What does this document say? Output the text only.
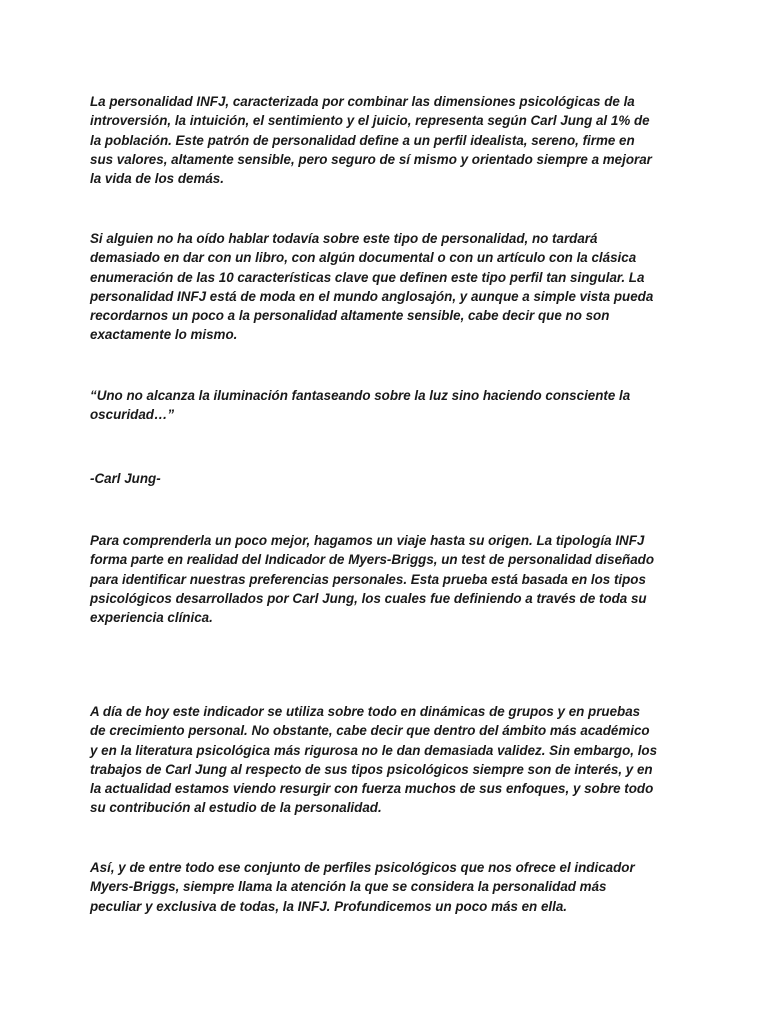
La personalidad INFJ, caracterizada por combinar las dimensiones psicológicas de la
introversión, la intuición, el sentimiento y el juicio, representa según Carl Jung al 1% de
la población. Este patrón de personalidad define a un perfil idealista, sereno, firme en
sus valores, altamente sensible, pero seguro de sí mismo y orientado siempre a mejorar
la vida de los demás.

Si alguien no ha oído hablar todavía sobre este tipo de personalidad, no tardará
demasiado en dar con un libro, con algún documental o con un artículo con la clásica
enumeración de las 10 características clave que definen este tipo perfil tan singular. La
personalidad INFJ está de moda en el mundo anglosajón, y aunque a simple vista pueda
recordarnos un poco a la personalidad altamente sensible, cabe decir que no son
exactamente lo mismo.

“Uno no alcanza la iluminación fantaseando sobre la luz sino haciendo consciente la
oscuridad…”

-Carl Jung-

Para comprenderla un poco mejor, hagamos un viaje hasta su origen. La tipología INFJ
forma parte en realidad del Indicador de Myers-Briggs, un test de personalidad diseñado
para identificar nuestras preferencias personales. Esta prueba está basada en los tipos
psicológicos desarrollados por Carl Jung, los cuales fue definiendo a través de toda su
experiencia clínica.

A día de hoy este indicador se utiliza sobre todo en dinámicas de grupos y en pruebas
de crecimiento personal. No obstante, cabe decir que dentro del ámbito más académico
y en la literatura psicológica más rigurosa no le dan demasiada validez. Sin embargo, los
trabajos de Carl Jung al respecto de sus tipos psicológicos siempre son de interés, y en
la actualidad estamos viendo resurgir con fuerza muchos de sus enfoques, y sobre todo
su contribución al estudio de la personalidad.

Así, y de entre todo ese conjunto de perfiles psicológicos que nos ofrece el indicador
Myers-Briggs, siempre llama la atención la que se considera la personalidad más
peculiar y exclusiva de todas, la INFJ. Profundicemos un poco más en ella.
